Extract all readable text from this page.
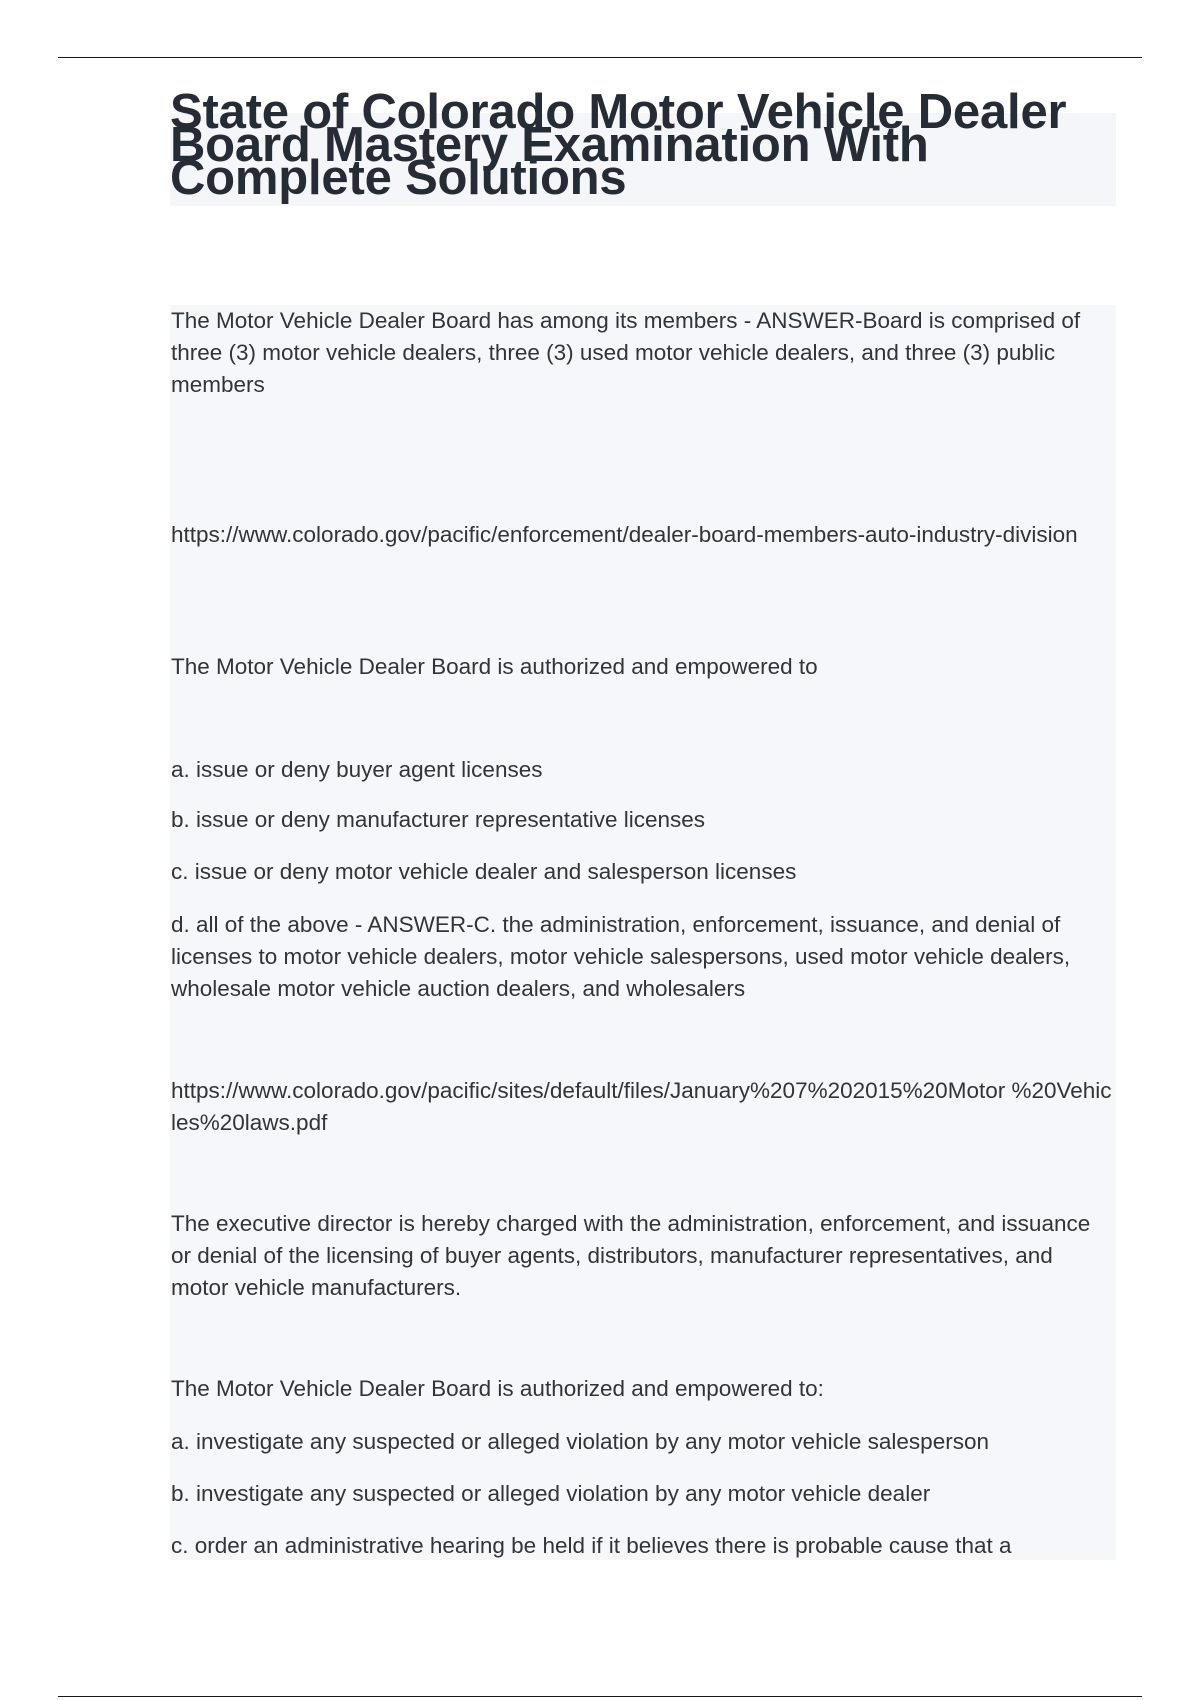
State of Colorado Motor Vehicle Dealer Board Mastery Examination With Complete Solutions

The Motor Vehicle Dealer Board has among its members - ANSWER-Board is comprised of three (3) motor vehicle dealers, three (3) used motor vehicle dealers, and three (3) public members

https://www.colorado.gov/pacific/enforcement/dealer-board-members-auto-industry-division

The Motor Vehicle Dealer Board is authorized and empowered to

a. issue or deny buyer agent licenses

b. issue or deny manufacturer representative licenses

c. issue or deny motor vehicle dealer and salesperson licenses

d. all of the above - ANSWER-C. the administration, enforcement, issuance, and denial of licenses to motor vehicle dealers, motor vehicle salespersons, used motor vehicle dealers, wholesale motor vehicle auction dealers, and wholesalers

https://www.colorado.gov/pacific/sites/default/files/January%207%202015%20Motor %20Vehicles%20laws.pdf

The executive director is hereby charged with the administration, enforcement, and issuance or denial of the licensing of buyer agents, distributors, manufacturer representatives, and motor vehicle manufacturers.

The Motor Vehicle Dealer Board is authorized and empowered to:

a. investigate any suspected or alleged violation by any motor vehicle salesperson

b. investigate any suspected or alleged violation by any motor vehicle dealer

c. order an administrative hearing be held if it believes there is probable cause that a
